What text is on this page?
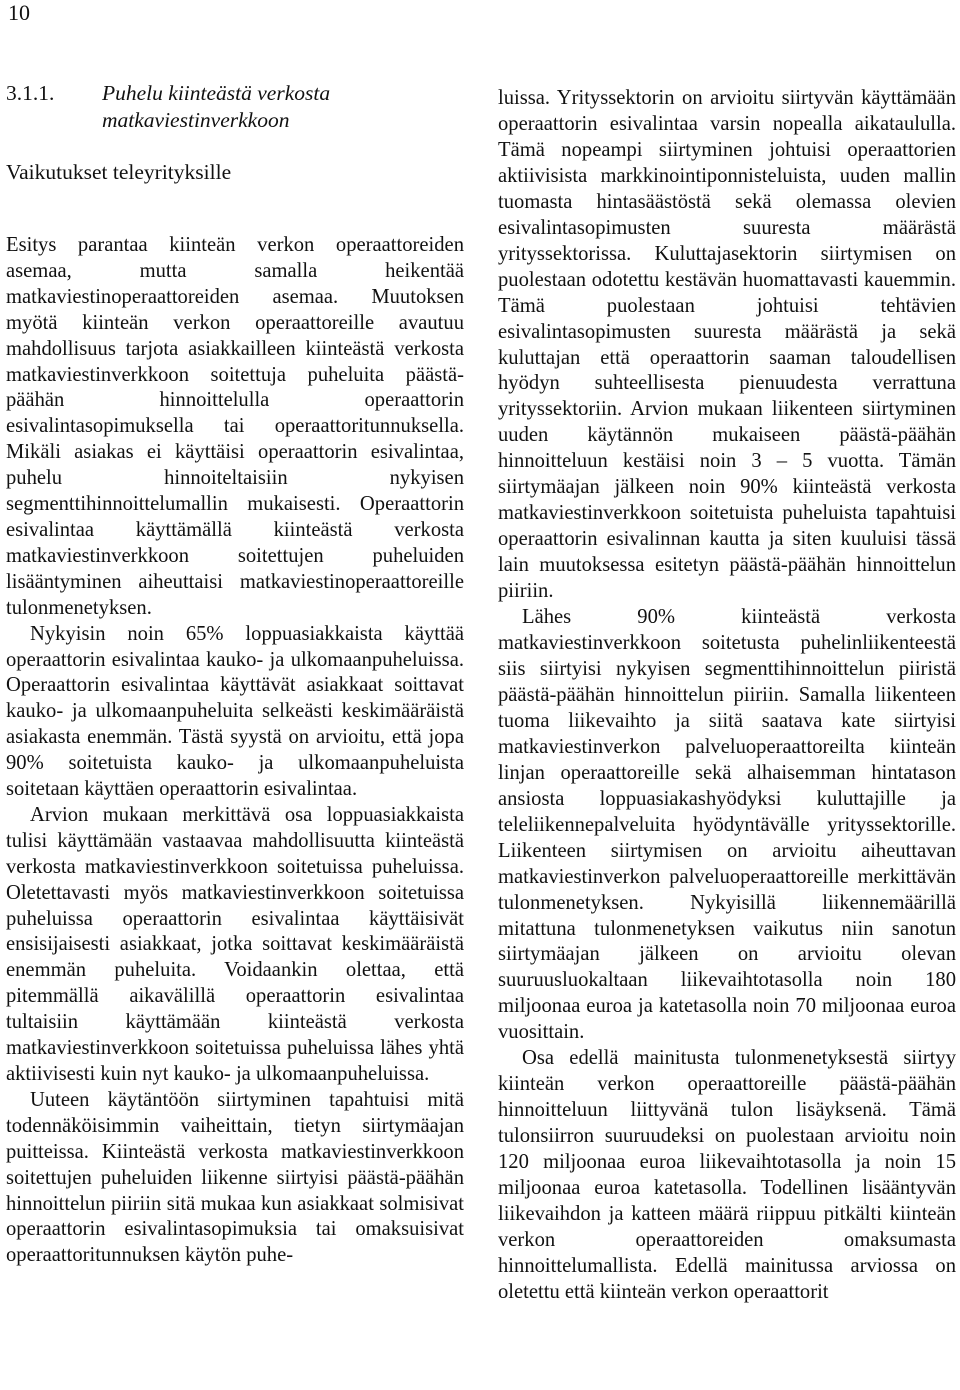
10
3.1.1.	Puhelu kiinteästä verkosta matkaviestinverkkoon
Vaikutukset teleyrityksille

Esitys parantaa kiinteän verkon operaattoreiden asemaa, mutta samalla heikentää matkaviestinoperaattoreiden asemaa. Muutoksen myötä kiinteän verkon operaattoreille avautuu mahdollisuus tarjota asiakkailleen kiinteästä verkosta matkaviestinverkkoon soitettuja puheluita päästä-päähän hinnoittelulla operaattorin esivalintasopimuksella tai operaattoritunnuksella. Mikäli asiakas ei käyttäisi operaattorin esivalintaa, puhelu hinnoiteltaisiin nykyisen segmenttihinnoittelumallin mukaisesti. Operaattorin esivalintaa käyttämällä kiinteästä verkosta matkaviestinverkkoon soitettujen puheluiden lisääntyminen aiheuttaisi matkaviestinoperaattoreille tulonmenetyksen.

Nykyisin noin 65% loppuasiakkaista käyttää operaattorin esivalintaa kauko- ja ulkomaanpuheluissa. Operaattorin esivalintaa käyttävät asiakkaat soittavat kauko- ja ulkomaanpuheluita selkeästi keskimääräistä asiakasta enemmän. Tästä syystä on arvioitu, että jopa 90% soitetuista kauko- ja ulkomaanpuheluista soitetaan käyttäen operaattorin esivalintaa.

Arvion mukaan merkittävä osa loppuasiakkaista tulisi käyttämään vastaavaa mahdollisuutta kiinteästä verkosta matkaviestinverkkoon soitetuissa puheluissa. Oletettavasti myös matkaviestinverkkoon soitetuissa puheluissa operaattorin esivalintaa käyttäisivät ensisijaisesti asiakkaat, jotka soittavat keskimääräistä enemmän puheluita. Voidaankin olettaa, että pitemmällä aikavälillä operaattorin esivalintaa tultaisiin käyttämään kiinteästä verkosta matkaviestinverkkoon soitetuissa puheluissa lähes yhtä aktiivisesti kuin nyt kauko- ja ulkomaanpuheluissa.

Uuteen käytäntöön siirtyminen tapahtuisi mitä todennäköisimmin vaiheittain, tietyn siirtymäajan puitteissa. Kiinteästä verkosta matkaviestinverkkoon soitettujen puheluiden liikenne siirtyisi päästä-päähän hinnoittelun piiriin sitä mukaa kun asiakkaat solmisivat operaattorin esivalintasopimuksia tai omaksuisivat operaattoritunnuksen käytön puhe-

luissa. Yrityssektorin on arvioitu siirtyvän käyttämään operaattorin esivalintaa varsin nopealla aikataululla. Tämä nopeampi siirtyminen johtuisi operaattorien aktiivisista markkinointiponnisteluista, uuden mallin tuomasta hintasäästöstä sekä olemassa olevien esivalintasopimusten suuresta määrästä yrityssektorissa. Kuluttajasektorin siirtymisen on puolestaan odotettu kestävän huomattavasti kauemmin. Tämä puolestaan johtuisi tehtävien esivalintasopimusten suuresta määrästä ja sekä kuluttajan että operaattorin saaman taloudellisen hyödyn suhteellisesta pienuudesta verrattuna yrityssektoriin. Arvion mukaan liikenteen siirtyminen uuden käytännön mukaiseen päästä-päähän hinnoitteluun kestäisi noin 3 – 5 vuotta. Tämän siirtymäajan jälkeen noin 90% kiinteästä verkosta matkaviestinverkkoon soitetuista puheluista tapahtuisi operaattorin esivalinnan kautta ja siten kuuluisi tässä lain muutoksessa esitetyn päästä-päähän hinnoittelun piiriin.

Lähes 90% kiinteästä verkosta matkaviestinverkkoon soitetusta puhelinliikenteestä siis siirtyisi nykyisen segmenttihinnoittelun piiristä päästä-päähän hinnoittelun piiriin. Samalla liikenteen tuoma liikevaihto ja siitä saatava kate siirtyisi matkaviestinverkon palveluoperaattoreilta kiinteän linjan operaattoreille sekä alhaisemman hintatason ansiosta loppuasiakashyödyksi kuluttajille ja teleliikennepalveluita hyödyntävälle yrityssektorille. Liikenteen siirtymisen on arvioitu aiheuttavan matkaviestinverkon palveluoperaattoreille merkittävän tulonmenetyksen. Nykyisillä liikennemäärillä mitattuna tulonmenetyksen vaikutus niin sanotun siirtymäajan jälkeen on arvioitu olevan suuruusluokaltaan liikevaihtotasolla noin 180 miljoonaa euroa ja katetasolla noin 70 miljoonaa euroa vuosittain.

Osa edellä mainitusta tulonmenetyksestä siirtyy kiinteän verkon operaattoreille päästä-päähän hinnoitteluun liittyvänä tulon lisäyksenä. Tämä tulonsiirron suuruudeksi on puolestaan arvioitu noin 120 miljoonaa euroa liikevaihtotasolla ja noin 15 miljoonaa euroa katetasolla. Todellinen lisääntyvän liikevaihdon ja katteen määrä riippuu pitkälti kiinteän verkon operaattoreiden omaksumasta hinnoittelumallista. Edellä mainitussa arviossa on oletettu että kiinteän verkon operaattorit
